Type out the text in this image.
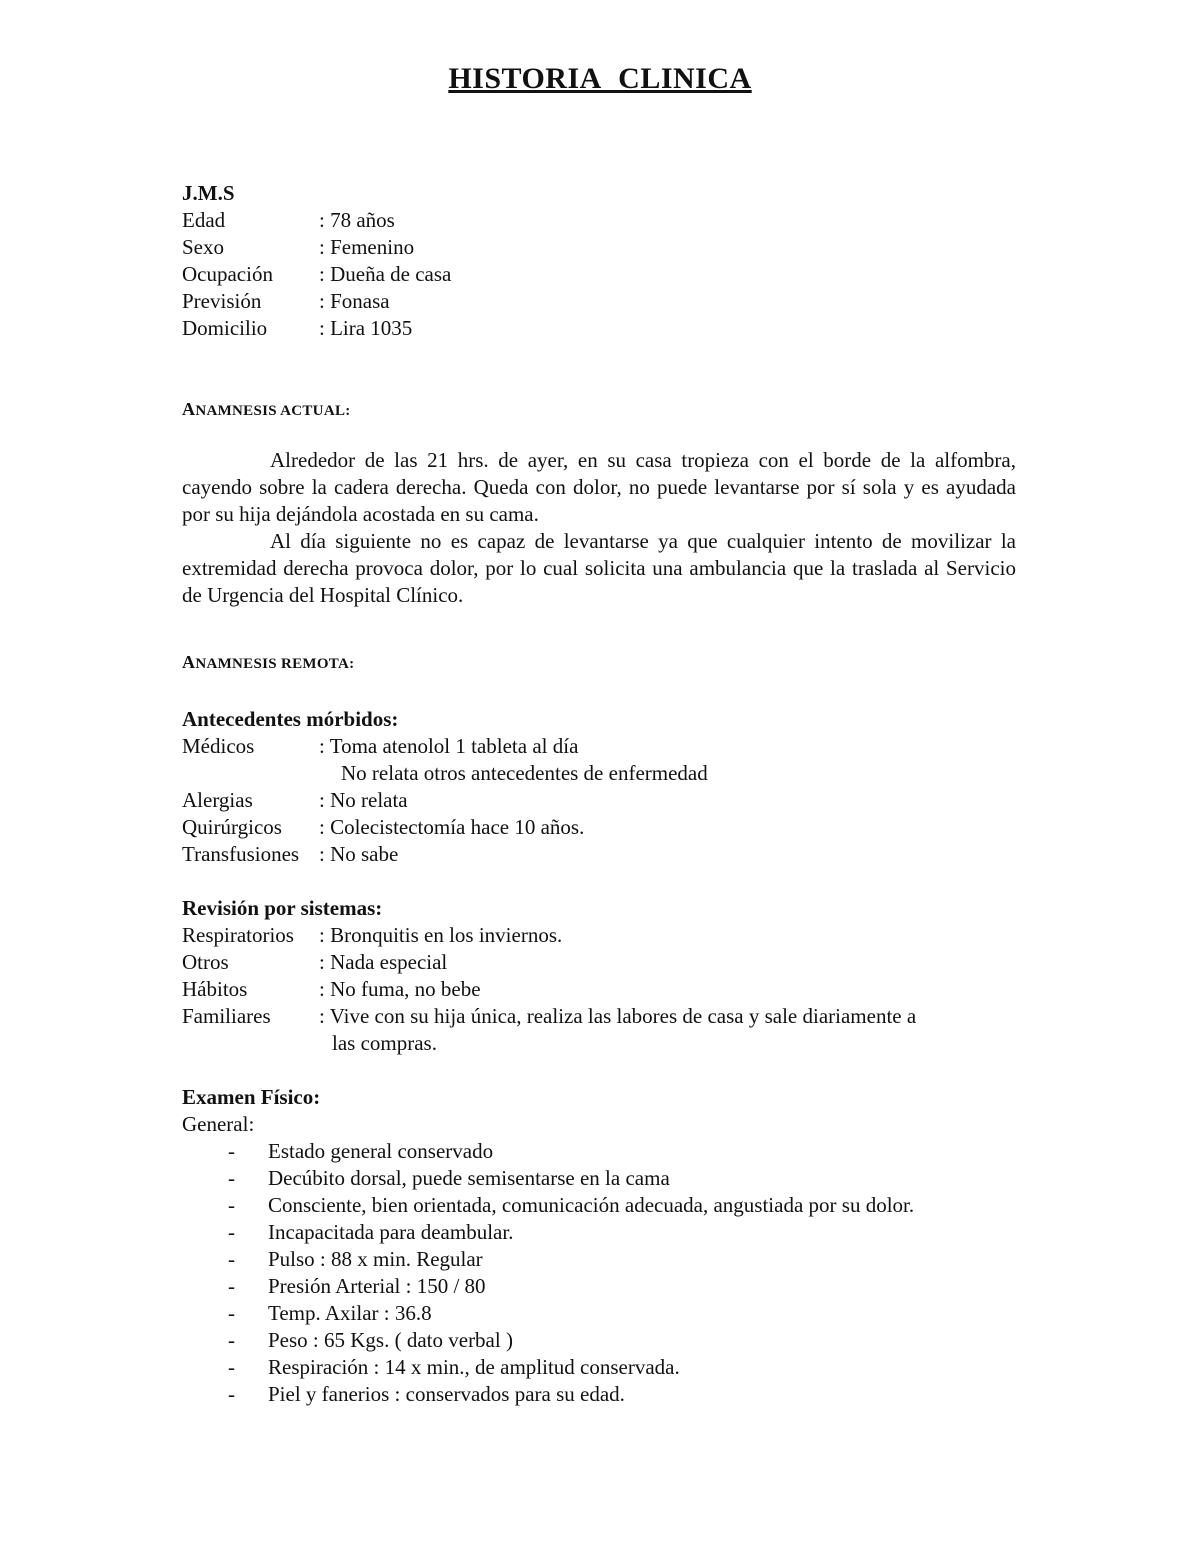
HISTORIA CLINICA
J.M.S
Edad	: 78 años
Sexo	: Femenino
Ocupación	: Dueña de casa
Previsión	: Fonasa
Domicilio	: Lira 1035
ANAMNESIS ACTUAL:

Alrededor de las 21 hrs. de ayer, en su casa tropieza con el borde de la alfombra, cayendo sobre la cadera derecha. Queda con dolor, no puede levantarse por sí sola y es ayudada por su hija dejándola acostada en su cama.

Al día siguiente no es capaz de levantarse ya que cualquier intento de movilizar la extremidad derecha provoca dolor, por lo cual solicita una ambulancia que la traslada al Servicio de Urgencia del Hospital Clínico.

ANAMNESIS REMOTA:
Antecedentes mórbidos:
Médicos	: Toma atenolol 1 tableta al día
No relata otros antecedentes de enfermedad
Alergias	: No relata
Quirúrgicos	: Colecistectomía hace 10 años.
Transfusiones : No sabe
Revisión por sistemas:
Respiratorios	: Bronquitis en los inviernos.
Otros	: Nada especial
Hábitos	: No fuma, no bebe
Familiares	: Vive con su hija única, realiza las labores de casa y sale diariamente a
las compras.
Examen Físico:
General:
-	Estado general conservado
-	Decúbito dorsal, puede semisentarse en la cama
-	Consciente, bien orientada, comunicación adecuada, angustiada por su dolor.
-	Incapacitada para deambular.
-	Pulso : 88 x min. Regular
-	Presión Arterial : 150 / 80
-	Temp. Axilar : 36.8
-	Peso : 65 Kgs. ( dato verbal )
-	Respiración : 14 x min., de amplitud conservada.
-	Piel y fanerios : conservados para su edad.
